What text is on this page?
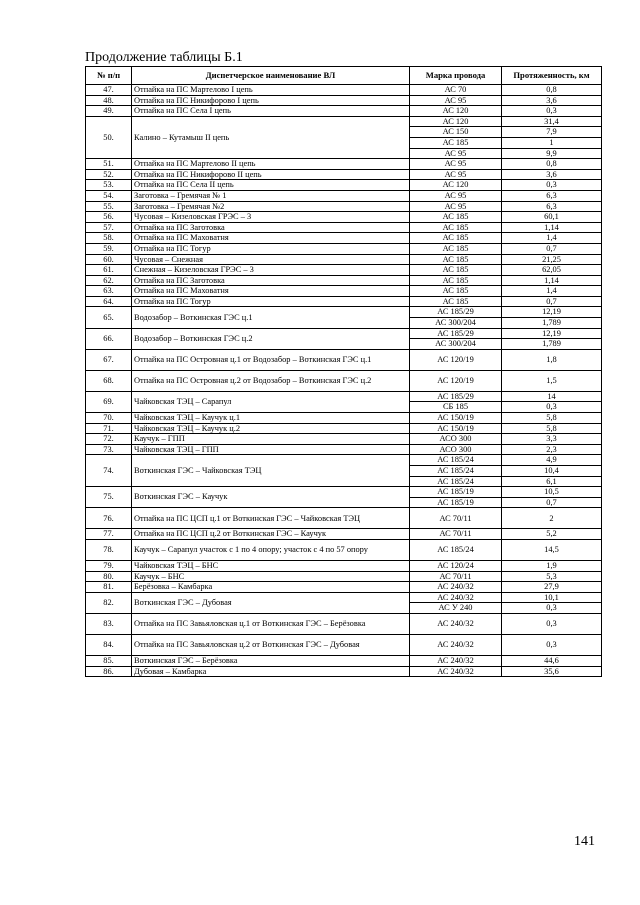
Продолжение таблицы Б.1
№ п/п	Диспетчерское наименование ВЛ	Марка провода	Протяженность, км
47.	Отпайка на ПС Мартелово I цепь	АС 70	0,8
48.	Отпайка на ПС Никифорово I цепь	АС 95	3,6
49.	Отпайка на ПС Села I цепь	АС 120	0,3
50.	Калино – Кутамыш II цепь	АС 120	31,4
		АС 150	7,9
		АС 185	1
		АС 95	9,9
51.	Отпайка на ПС Мартелово II цепь	АС 95	0,8
52.	Отпайка на ПС Никифорово II цепь	АС 95	3,6
53.	Отпайка на ПС Села II цепь	АС 120	0,3
54.	Заготовка – Гремячая № 1	АС 95	6,3
55.	Заготовка – Гремячая №2	АС 95	6,3
56.	Чусовая – Кизеловская ГРЭС – 3	АС 185	60,1
57.	Отпайка на ПС Заготовка	АС 185	1,14
58.	Отпайка на ПС Маховатня	АС 185	1,4
59.	Отпайка на ПС Тогур	АС 185	0,7
60.	Чусовая – Снежная	АС 185	21,25
61.	Снежная – Кизеловская ГРЭС – 3	АС 185	62,05
62.	Отпайка на ПС Заготовка	АС 185	1,14
63.	Отпайка на ПС Маховатня	АС 185	1,4
64.	Отпайка на ПС Тогур	АС 185	0,7
65.	Водозабор – Воткинская ГЭС ц.1	АС 185/29	12,19
		АС 300/204	1,789
66.	Водозабор – Воткинская ГЭС ц.2	АС 185/29	12,19
		АС 300/204	1,789
67.	Отпайка на ПС Островная ц.1 от Водозабор – Воткинская ГЭС ц.1	АС 120/19	1,8
68.	Отпайка на ПС Островная ц.2 от Водозабор – Воткинская ГЭС ц.2	АС 120/19	1,5
69.	Чайковская ТЭЦ – Сарапул	АС 185/29	14
		СБ 185	0,3
70.	Чайковская ТЭЦ – Каучук ц.1	АС 150/19	5,8
71.	Чайковская ТЭЦ – Каучук ц.2	АС 150/19	5,8
72.	Каучук – ГПП	АСО 300	3,3
73.	Чайковская ТЭЦ – ГПП	АСО 300	2,3
74.	Воткинская ГЭС – Чайковская ТЭЦ	АС 185/24	4,9
		АС 185/24	10,4
		АС 185/24	6,1
75.	Воткинская ГЭС – Каучук	АС 185/19	10,5
		АС 185/19	0,7
76.	Отпайка на ПС ЦСП ц.1 от Воткинская ГЭС – Чайковская ТЭЦ	АС 70/11	2
77.	Отпайка на ПС ЦСП ц.2 от Воткинская ГЭС – Каучук	АС 70/11	5,2
78.	Каучук – Сарапул участок с 1 по 4 опору; участок с 4 по 57 опору	АС 185/24	14,5
79.	Чайковская ТЭЦ – БНС	АС 120/24	1,9
80.	Каучук – БНС	АС 70/11	5,3
81.	Берёзовка – Камбарка	АС 240/32	27,9
82.	Воткинская ГЭС – Дубовая	АС 240/32	10,1
		АС У 240	0,3
83.	Отпайка на ПС Завьяловская ц.1 от Воткинская ГЭС – Берёзовка	АС 240/32	0,3
84.	Отпайка на ПС Завьяловская ц.2 от Воткинская ГЭС – Дубовая	АС 240/32	0,3
85.	Воткинская ГЭС – Берёзовка	АС 240/32	44,6
86.	Дубовая – Камбарка	АС 240/32	35,6
141
